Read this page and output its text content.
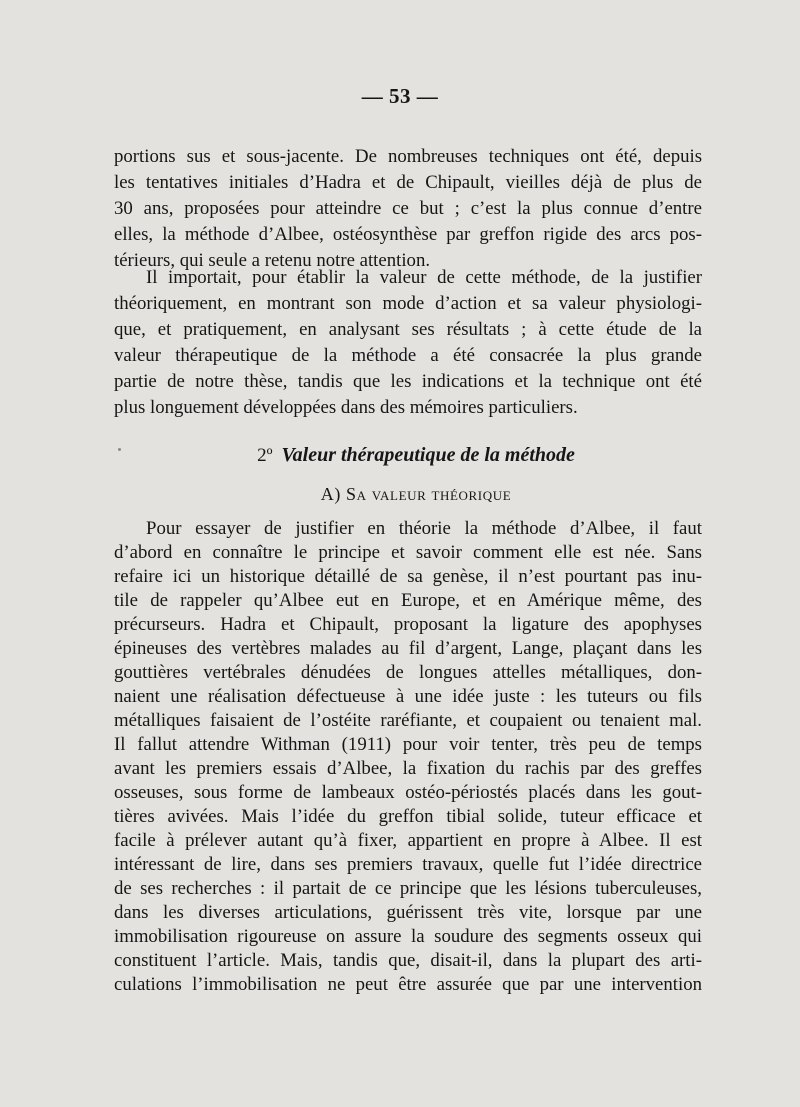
— 53 —
portions sus et sous-jacente. De nombreuses techniques ont été, depuis
les tentatives initiales d’Hadra et de Chipault, vieilles déjà de plus de
30 ans, proposées pour atteindre ce but ; c’est la plus connue d’entre
elles, la méthode d’Albee, ostéosynthèse par greffon rigide des arcs pos-
térieurs, qui seule a retenu notre attention.
Il importait, pour établir la valeur de cette méthode, de la justifier
théoriquement, en montrant son mode d’action et sa valeur physiologi-
que, et pratiquement, en analysant ses résultats ; à cette étude de la
valeur thérapeutique de la méthode a été consacrée la plus grande
partie de notre thèse, tandis que les indications et la technique ont été
plus longuement développées dans des mémoires particuliers.
2º Valeur thérapeutique de la méthode
A) Sa valeur théorique
Pour essayer de justifier en théorie la méthode d’Albee, il faut
d’abord en connaître le principe et savoir comment elle est née. Sans
refaire ici un historique détaillé de sa genèse, il n’est pourtant pas inu-
tile de rappeler qu’Albee eut en Europe, et en Amérique même, des
précurseurs. Hadra et Chipault, proposant la ligature des apophyses
épineuses des vertèbres malades au fil d’argent, Lange, plaçant dans les
gouttières vertébrales dénudées de longues attelles métalliques, don-
naient une réalisation défectueuse à une idée juste : les tuteurs ou fils
métalliques faisaient de l’ostéite raréfiante, et coupaient ou tenaient mal.
Il fallut attendre Withman (1911) pour voir tenter, très peu de temps
avant les premiers essais d’Albee, la fixation du rachis par des greffes
osseuses, sous forme de lambeaux ostéo-périostés placés dans les gout-
tières avivées. Mais l’idée du greffon tibial solide, tuteur efficace et
facile à prélever autant qu’à fixer, appartient en propre à Albee. Il est
intéressant de lire, dans ses premiers travaux, quelle fut l’idée directrice
de ses recherches : il partait de ce principe que les lésions tuberculeuses,
dans les diverses articulations, guérissent très vite, lorsque par une
immobilisation rigoureuse on assure la soudure des segments osseux qui
constituent l’article. Mais, tandis que, disait-il, dans la plupart des arti-
culations l’immobilisation ne peut être assurée que par une intervention
